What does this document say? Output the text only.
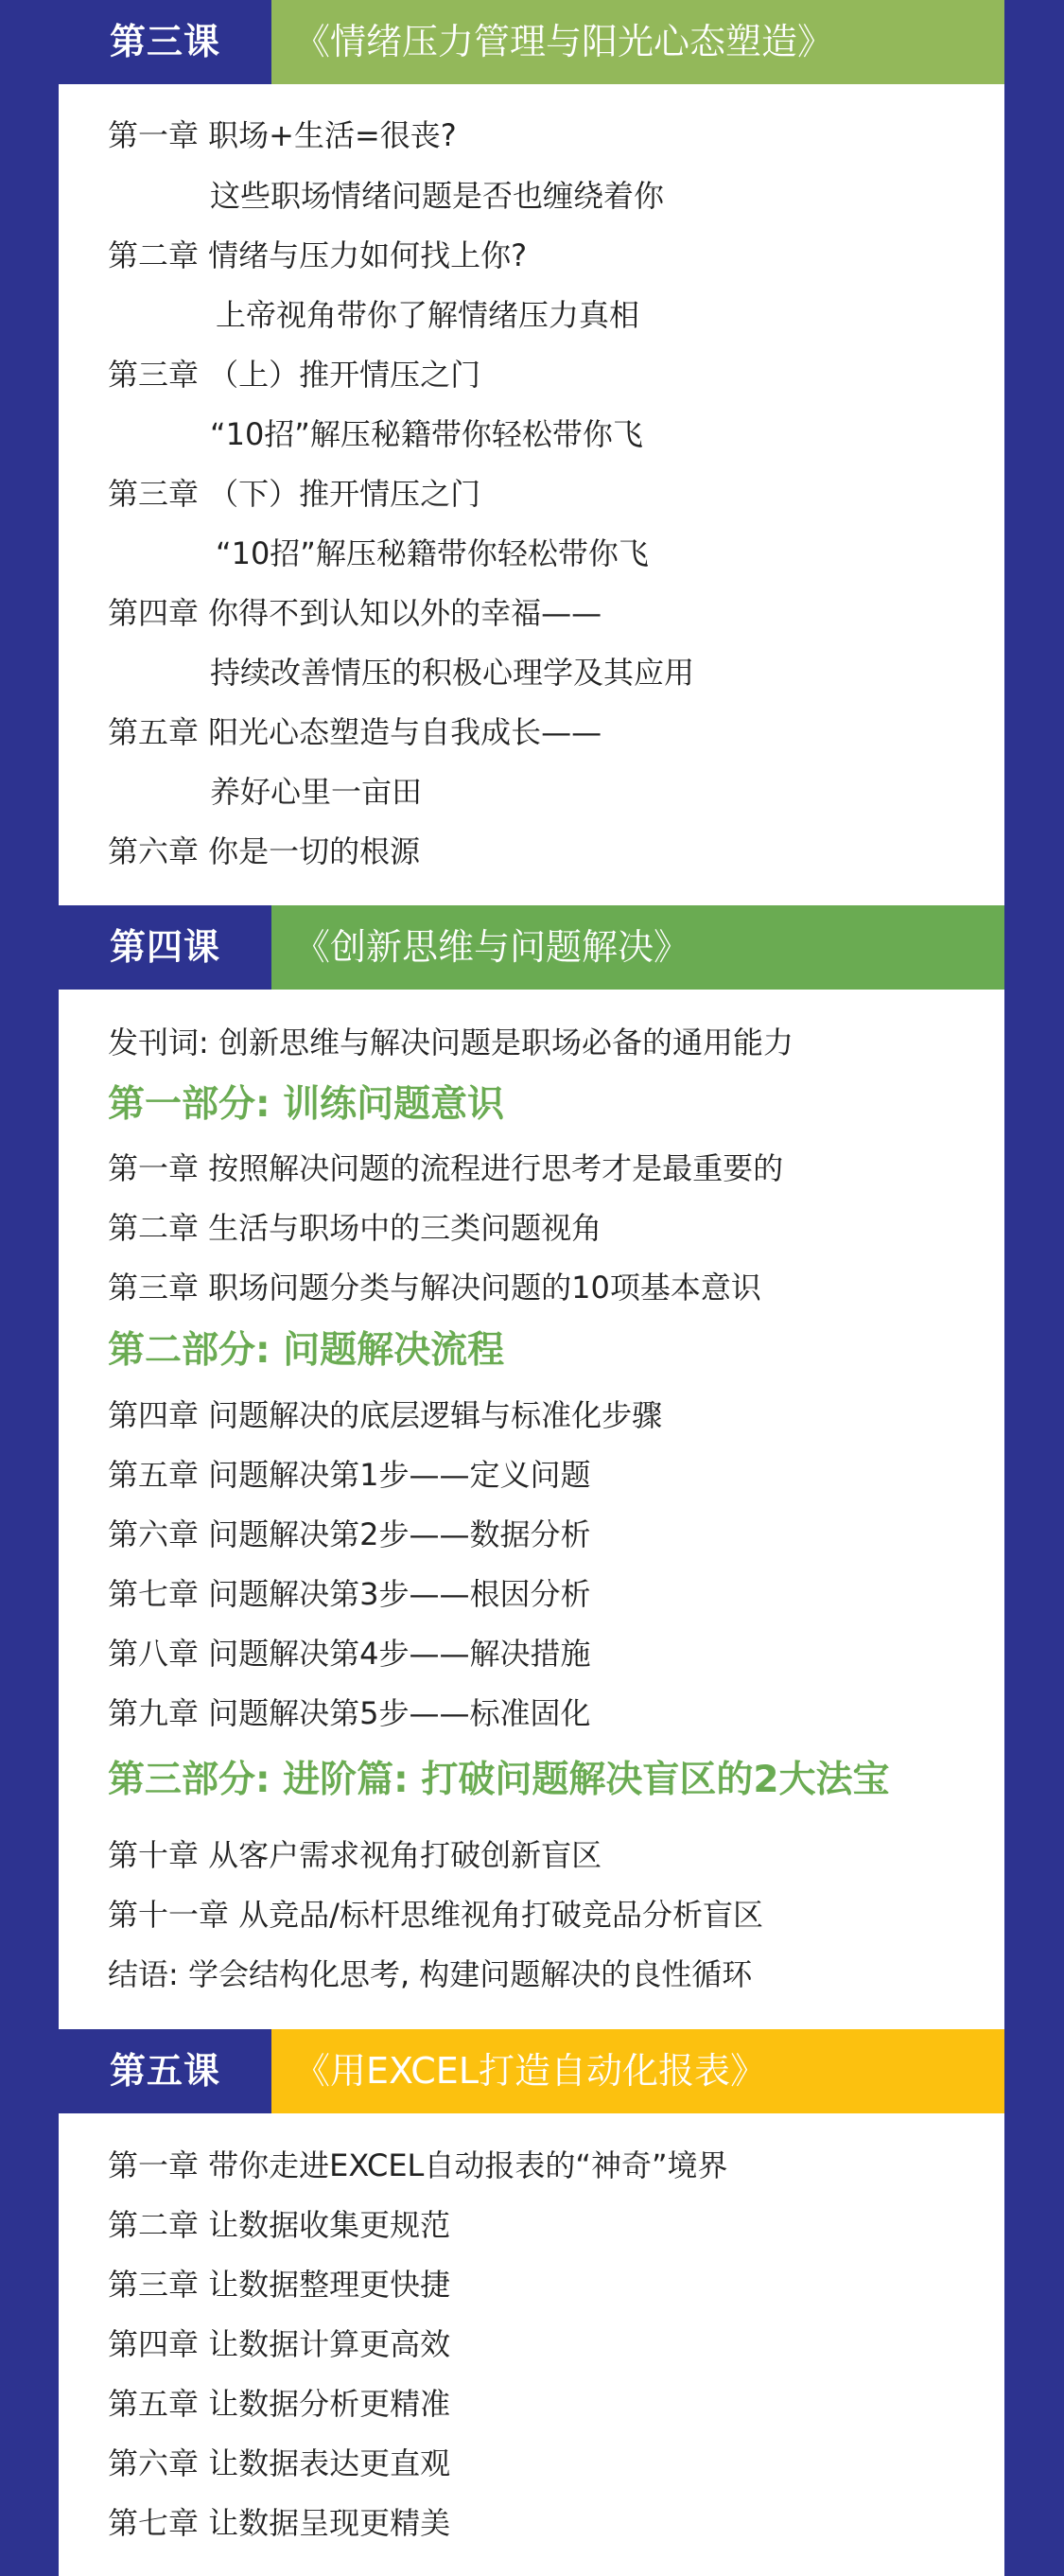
第三课	《情绪压力管理与阳光心态塑造》
第一章 职场+生活=很丧?
这些职场情绪问题是否也缠绕着你
第二章 情绪与压力如何找上你?
上帝视角带你了解情绪压力真相
第三章 （上）推开情压之门
“10招”解压秘籍带你轻松带你飞
第三章 （下）推开情压之门
“10招”解压秘籍带你轻松带你飞
第四章 你得不到认知以外的幸福——
持续改善情压的积极心理学及其应用
第五章 阳光心态塑造与自我成长——
养好心里一亩田
第六章 你是一切的根源
第四课	《创新思维与问题解决》
发刊词: 创新思维与解决问题是职场必备的通用能力
第一部分: 训练问题意识
第一章 按照解决问题的流程进行思考才是最重要的
第二章 生活与职场中的三类问题视角
第三章 职场问题分类与解决问题的10项基本意识
第二部分: 问题解决流程
第四章 问题解决的底层逻辑与标准化步骤
第五章 问题解决第1步——定义问题
第六章 问题解决第2步——数据分析
第七章 问题解决第3步——根因分析
第八章 问题解决第4步——解决措施
第九章 问题解决第5步——标准固化
第三部分: 进阶篇: 打破问题解决盲区的2大法宝
第十章 从客户需求视角打破创新盲区
第十一章 从竞品/标杆思维视角打破竞品分析盲区
结语: 学会结构化思考, 构建问题解决的良性循环
第五课	《用EXCEL打造自动化报表》
第一章 带你走进EXCEL自动报表的“神奇”境界
第二章 让数据收集更规范
第三章 让数据整理更快捷
第四章 让数据计算更高效
第五章 让数据分析更精准
第六章 让数据表达更直观
第七章 让数据呈现更精美
